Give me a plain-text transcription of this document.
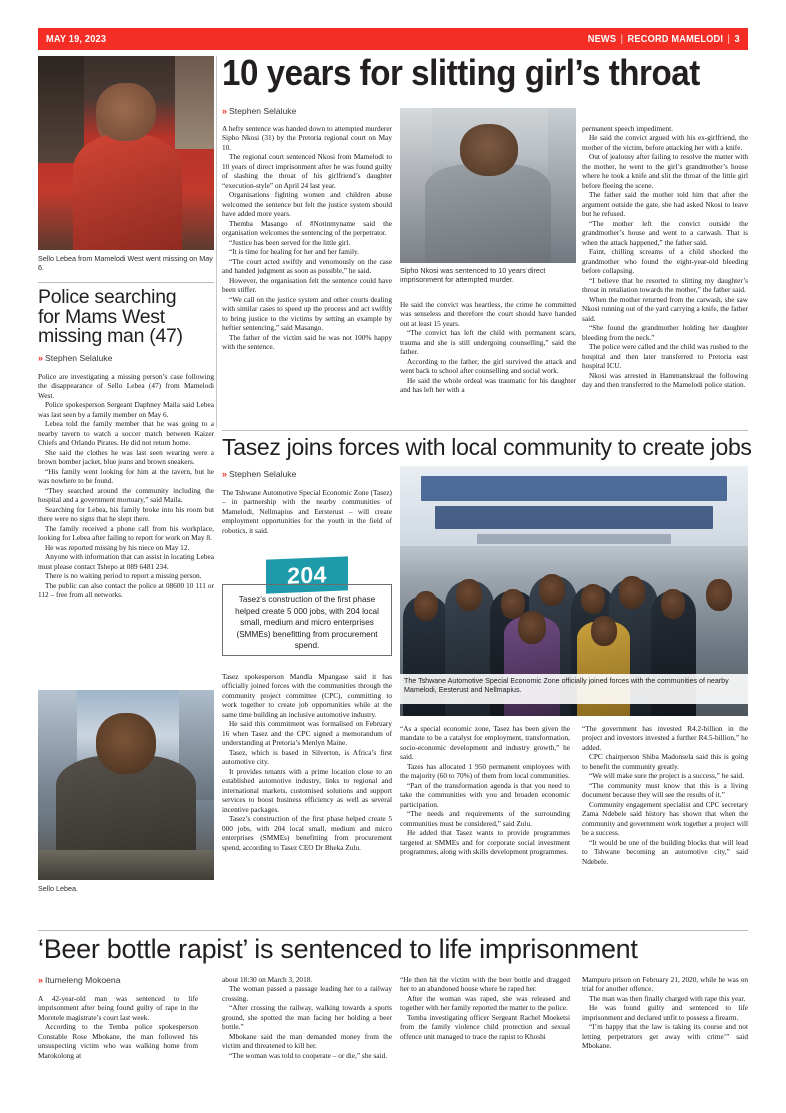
MAY 19, 2023	NEWS | RECORD MAMELODI | 3
Sello Lebea from Mamelodi West went missing on May 6.
10 years for slitting girl’s throat
» Stephen Selaluke

A hefty sentence was handed down to attempted murderer Sipho Nkosi (31) by the Pretoria regional court on May 10.

The regional court sentenced Nkosi from Mamelodi to 10 years of direct imprisonment after he was found guilty of slashing the throat of his girlfriend’s daughter “execution-style” on April 24 last year.

Organisations fighting women and children abuse welcomed the sentence but felt the justice system should have added more years.

Themba Masango of #Notinmyname said the organisation welcomes the sentencing of the perpetrator.

“Justice has been served for the little girl.

“It is time for healing for her and her family.

“The court acted swiftly and venomously on the case and handed judgment as soon as possible,” he said.

However, the organisation felt the sentence could have been stiffer.

“We call on the justice system and other courts dealing with similar cases to speed up the process and act swiftly to bring justice to the victims by setting an example by heftier sentencing,” said Masango.

The father of the victim said he was not 100% happy with the sentence.

Sipho Nkosi was sentenced to 10 years direct imprisonment for attempted murder.

He said the convict was heartless, the crime he committed was senseless and therefore the court should have handed out at least 15 years.

“The convict has left the child with permanent scars, trauma and she is still undergoing counselling,” said the father.

According to the father, the girl survived the attack and went back to school after counselling and social work.

He said the whole ordeal was traumatic for his daughter and has left her with a

permanent speech impediment.

He said the convict argued with his ex-girlfriend, the mother of the victim, before attacking her with a knife.

Out of jealousy after failing to resolve the matter with the mother, he went to the girl’s grandmother’s house where he took a knife and slit the throat of the little girl before fleeing the scene.

The father said the mother told him that after the argument outside the gate, she had asked Nkosi to leave but he refused.

“The mother left the convict outside the grandmother’s house and went to a carwash. That is when the attack happened,” the father said.

Faint, chilling screams of a child shocked the grandmother who found the eight-year-old bleeding before collapsing.

“I believe that he resorted to slitting my daughter’s throat in retaliation towards the mother,” the father said.

When the mother returned from the carwash, she saw Nkosi running out of the yard carrying a knife, the father said.

“She found the grandmother holding her daughter bleeding from the neck.”

The police were called and the child was rushed to the hospital and then later transferred to Pretoria east hospital ICU.

Nkosi was arrested in Hammanskraal the following day and then transferred to the Mamelodi police station.

Police searching
for Mams West
missing man (47)
» Stephen Selaluke

Police are investigating a missing person’s case following the disappearance of Sello Lebea (47) from Mamelodi West.

Police spokesperson Sergeant Daphney Maila said Lebea was last seen by a family member on May 6.

Lebea told the family member that he was going to a nearby tavern to watch a soccer match between Kaizer Chiefs and Orlando Pirates. He did not return home.

She said the clothes he was last seen wearing were a brown bomber jacket, blue jeans and brown sneakers.

“His family went looking for him at the tavern, but he was nowhere to be found.

“They searched around the community including the hospital and a government mortuary,” said Maila.

Searching for Lebea, his family broke into his room but there were no signs that he slept there.

The family received a phone call from his workplace, looking for Lebea after failing to report for work on May 8.

He was reported missing by his niece on May 12.

Anyone with information that can assist in locating Lebea must please contact Tshepo at 089 6481 234.

There is no waiting period to report a missing person.

The public can also contact the police at 08600 10 111 or 112 – free from all networks.

Sello Lebea.
Tasez joins forces with local community to create jobs
» Stephen Selaluke

The Tshwane Automotive Special Economic Zone (Tasez) – in partnership with the nearby communities of Mamelodi, Nellmapius and Eersterust – will create employment opportunities for the youth in the field of robotics, it said.

204

Tasez’s construction of the first phase helped create 5 000 jobs, with 204 local small, medium and micro enterprises (SMMEs) benefitting from procurement spend.

Tasez spokesperson Mandla Mpangase said it has officially joined forces with the communities through the community project committee (CPC), committing to work together to create job opportunities while at the same time building an inclusive automotive industry.

He said this commitment was formalised on February 16 when Tasez and the CPC signed a memorandum of understanding at Pretoria’s Menlyn Maine.

Tasez, which is based in Silverton, is Africa’s first automotive city.

It provides tenants with a prime location close to an established automotive industry, links to regional and international markets, customised solutions and support services to boost business efficiency as well as several incentive packages.

Tasez’s construction of the first phase helped create 5 000 jobs, with 204 local small, medium and micro enterprises (SMMEs) benefitting from procurement spend, according to Tasez CEO Dr Bheka Zulu.

The Tshwane Automotive Special Economic Zone officially joined forces with the communities of nearby Mamelodi, Eesterust and Nellmapius.

“As a special economic zone, Tasez has been given the mandate to be a catalyst for employment, transformation, socio-economic development and industry growth,” he said.

Tazes has allocated 1 950 permanent employees with the majority (60 to 70%) of them from local communities.

“Part of the transformation agenda is that you need to take the communities with you and broaden economic participation.

“The needs and requirements of the surrounding communities must be considered,” said Zulu.

He added that Tasez wants to provide programmes targeted at SMMEs and for corporate social investment programmes, along with skills development programmes.

“The government has invested R4.2-billion in the project and investors invested a further R4.5-billion,” he added.

CPC chairperson Shiba Madonsela said this is going to benefit the community greatly.

“We will make sure the project is a success,” he said.

“The community must know that this is a living document because they will see the results of it.”

Community engagement specialist and CPC secretary Zama Ndebele said history has shown that when the community and government work together a project will be a success.

“It would be one of the building blocks that will lead to Tshwane becoming an automotive city,” said Ndebele.

‘Beer bottle rapist’ is sentenced to life imprisonment
» Itumeleng Mokoena

A 42-year-old man was sentenced to life imprisonment after being found guilty of rape in the Moretele magistrate’s court last week.

According to the Temba police spokesperson Constable Rose Mbokane, the man followed his unsuspecting victim who was walking home from Marokolong at

about 18:30 on March 3, 2018.

The woman passed a passage leading her to a railway crossing.

“After crossing the railway, walking towards a sports ground, she spotted the man facing her holding a beer bottle.”

Mbokane said the man demanded money from the victim and threatened to kill her.

“The woman was told to cooperate – or die,” she said.

“He then hit the victim with the beer bottle and dragged her to an abandoned house where he raped her.

After the woman was raped, she was released and together with her family reported the matter to the police.

Temba investigating officer Sergeant Rachel Moeketsi from the family violence child protection and sexual offence unit managed to trace the rapist to Khoshi

Mampuru prison on February 21, 2020, while he was on trial for another offence.

The man was then finally charged with rape this year.

He was found guilty and sentenced to life imprisonment and declared unfit to possess a firearm.

“I’m happy that the law is taking its course and not letting perpetrators get away with crime’” said Mbokane.
